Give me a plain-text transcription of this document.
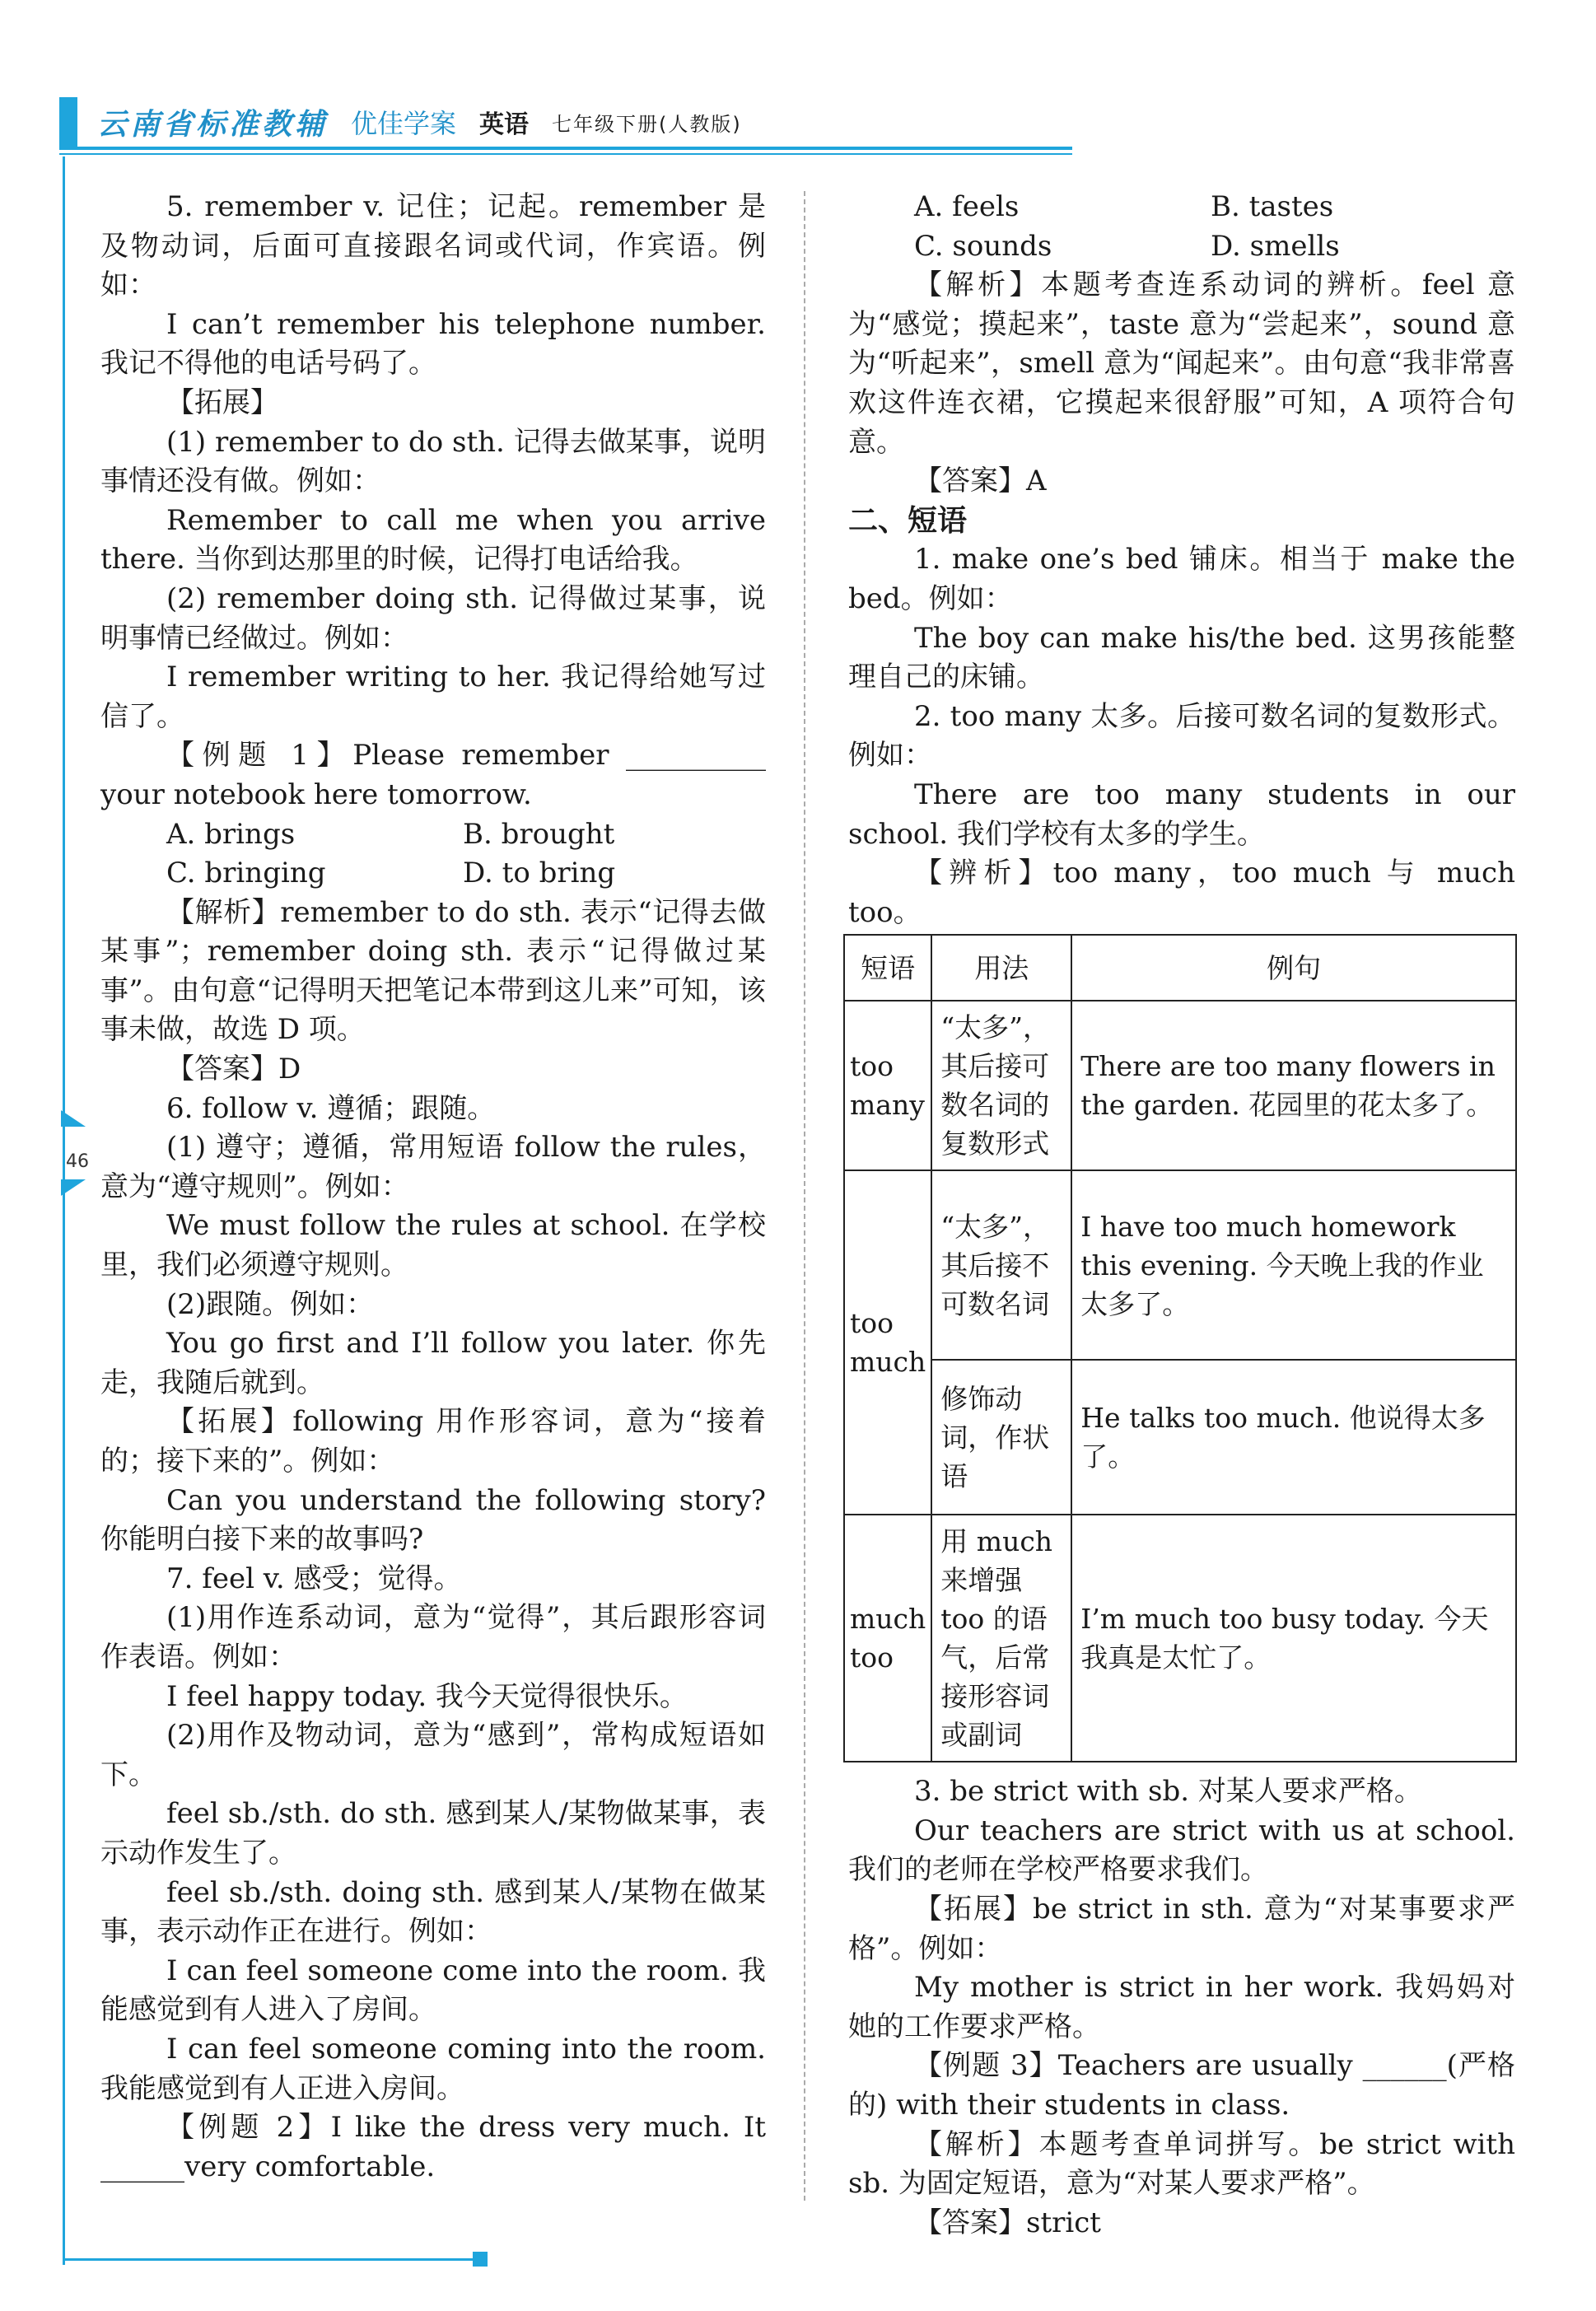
云南省标准教辅 优佳学案 英语 七年级下册(人教版)
46

5. remember v. 记住；记起。remember 是及物动词，后面可直接跟名词或代词，作宾语。例如：

I can’t remember his telephone number. 我记不得他的电话号码了。

【拓展】

(1) remember to do sth. 记得去做某事，说明事情还没有做。例如：

Remember to call me when you arrive there. 当你到达那里的时候，记得打电话给我。

(2) remember doing sth. 记得做过某事，说明事情已经做过。例如：

I remember writing to her. 我记得给她写过信了。

【例题 1】Please remember __________ your notebook here tomorrow.

A. brings	B. brought
C. bringing	D. to bring

【解析】remember to do sth. 表示“记得去做某事”；remember doing sth. 表示“记得做过某事”。由句意“记得明天把笔记本带到这儿来”可知，该事未做，故选 D 项。

【答案】D

6. follow v. 遵循；跟随。

(1) 遵守；遵循，常用短语 follow the rules，意为“遵守规则”。例如：

We must follow the rules at school. 在学校里，我们必须遵守规则。

(2)跟随。例如：

You go first and I’ll follow you later. 你先走，我随后就到。

【拓展】following 用作形容词，意为“接着的；接下来的”。例如：

Can you understand the following story? 你能明白接下来的故事吗?

7. feel v. 感受；觉得。

(1)用作连系动词，意为“觉得”，其后跟形容词作表语。例如：

I feel happy today. 我今天觉得很快乐。

(2)用作及物动词，意为“感到”，常构成短语如下。

feel sb./sth. do sth. 感到某人/某物做某事，表示动作发生了。

feel sb./sth. doing sth. 感到某人/某物在做某事，表示动作正在进行。例如：

I can feel someone come into the room. 我能感觉到有人进入了房间。

I can feel someone coming into the room. 我能感觉到有人正进入房间。

【例题 2】I like the dress very much. It ______very comfortable.

A. feels	B. tastes
C. sounds	D. smells

【解析】本题考查连系动词的辨析。feel 意为“感觉；摸起来”，taste 意为“尝起来”，sound 意为“听起来”，smell 意为“闻起来”。由句意“我非常喜欢这件连衣裙，它摸起来很舒服”可知，A 项符合句意。

【答案】A

二、短语

1. make one’s bed 铺床。相当于 make the bed。例如：

The boy can make his/the bed. 这男孩能整理自己的床铺。

2. too many 太多。后接可数名词的复数形式。例如：

There are too many students in our school. 我们学校有太多的学生。

【辨析】too many，too much 与 much too。

短语	用法	例句
too many	“太多”，其后接可数名词的复数形式	There are too many flowers in the garden. 花园里的花太多了。
too much	“太多”，其后接不可数名词	I have too much homework this evening. 今天晚上我的作业太多了。
	修饰动词，作状语	He talks too much. 他说得太多了。
much too	用 much 来增强 too 的语气，后常接形容词或副词	I’m much too busy today. 今天我真是太忙了。

3. be strict with sb. 对某人要求严格。

Our teachers are strict with us at school. 我们的老师在学校严格要求我们。

【拓展】be strict in sth. 意为“对某事要求严格”。例如：

My mother is strict in her work. 我妈妈对她的工作要求严格。

【例题 3】Teachers are usually ______(严格的) with their students in class.

【解析】本题考查单词拼写。be strict with sb. 为固定短语，意为“对某人要求严格”。

【答案】strict
